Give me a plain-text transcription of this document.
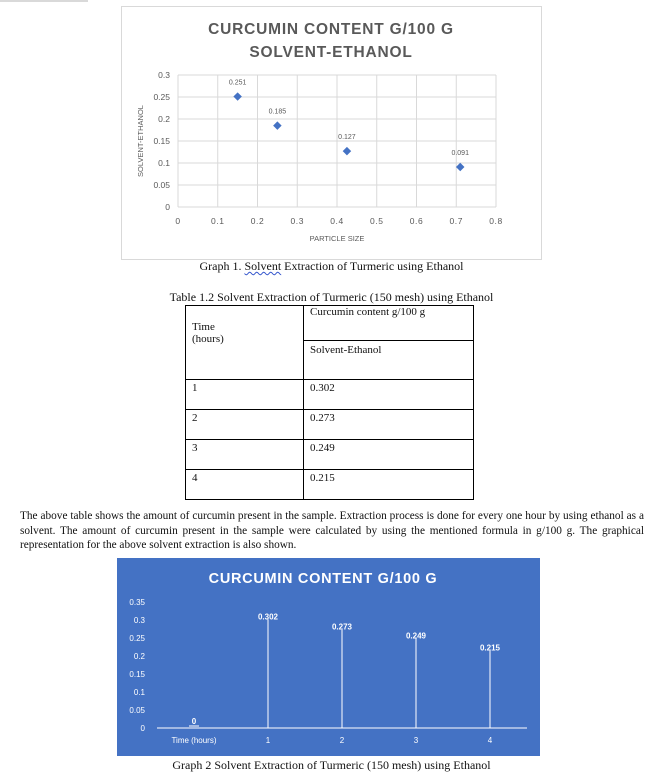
CURCUMIN CONTENT G/100 G
SOLVENT-ETHANOL
0
0.05
0.1
0.15
0.2
0.25
0.3
0	0.1	0.2	0.3	0.4	0.5	0.6	0.7	0.8
PARTICLE SIZE
SOLVENT-ETHANOL
0.251
0.185
0.127
0.091
Graph 1. Solvent Extraction of Turmeric using Ethanol
Table 1.2 Solvent Extraction of Turmeric (150 mesh) using Ethanol
Time
(hours)	Curcumin content g/100 g
	Solvent-Ethanol
1	0.302
2	0.273
3	0.249
4	0.215
The above table shows the amount of curcumin present in the sample. Extraction process is done for every one hour by using ethanol as a solvent. The amount of curcumin present in the sample were calculated by using the mentioned formula in g/100 g. The graphical representation for the above solvent extraction is also shown.
CURCUMIN CONTENT G/100 G
0
0.05
0.1
0.15
0.2
0.25
0.3
0.35
0
Time (hours)
0.302
1
0.273
2
0.249
3
0.215
4
Graph 2 Solvent Extraction of Turmeric (150 mesh) using Ethanol
